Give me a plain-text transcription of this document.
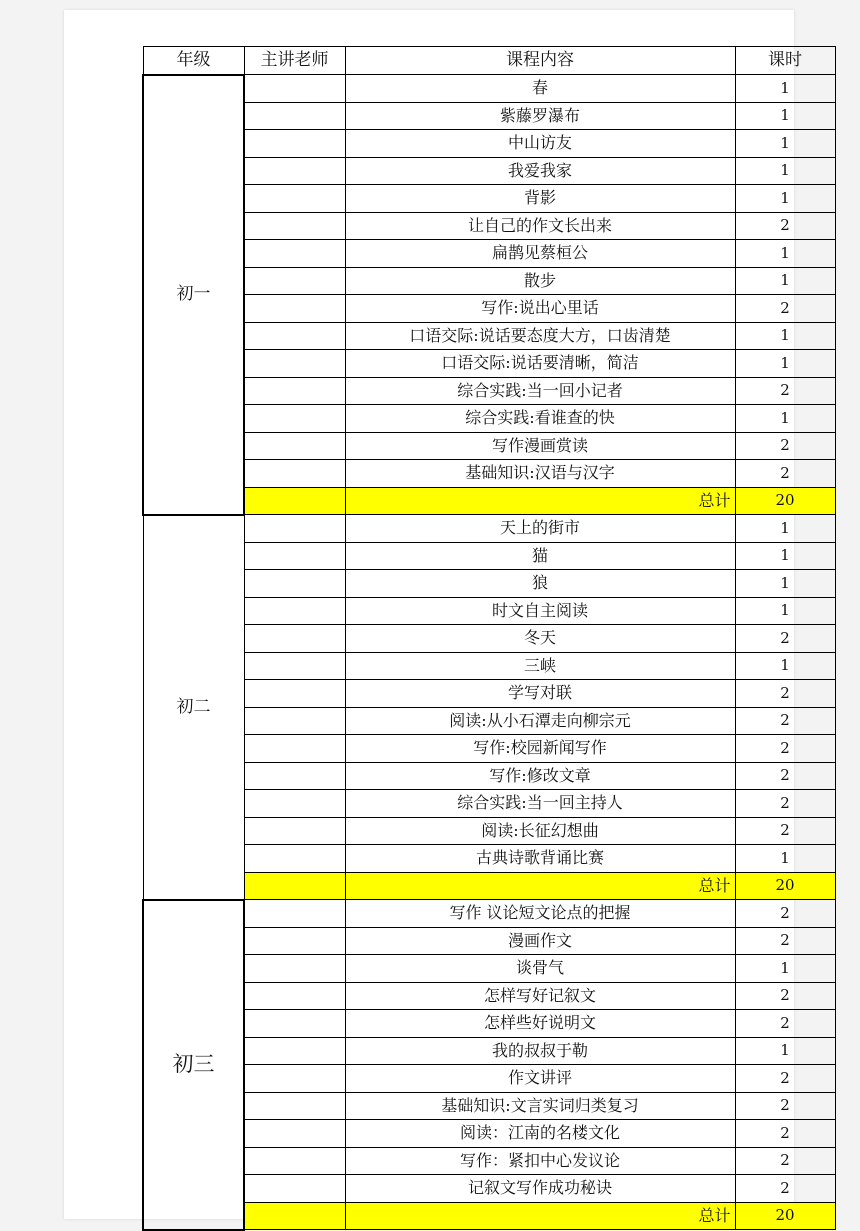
年级	主讲老师	课程内容	课时
初一		春	1
		紫藤罗瀑布	1
		中山访友	1
		我爱我家	1
		背影	1
		让自己的作文长出来	2
		扁鹊见蔡桓公	1
		散步	1
		写作:说出心里话	2
		口语交际:说话要态度大方，口齿清楚	1
		口语交际:说话要清晰，简洁	1
		综合实践:当一回小记者	2
		综合实践:看谁查的快	1
		写作漫画赏读	2
		基础知识:汉语与汉字	2
		总计	20
初二		天上的街市	1
		猫	1
		狼	1
		时文自主阅读	1
		冬天	2
		三峡	1
		学写对联	2
		阅读:从小石潭走向柳宗元	2
		写作:校园新闻写作	2
		写作:修改文章	2
		综合实践:当一回主持人	2
		阅读:长征幻想曲	2
		古典诗歌背诵比赛	1
		总计	20
初三		写作 议论短文论点的把握	2
		漫画作文	2
		谈骨气	1
		怎样写好记叙文	2
		怎样些好说明文	2
		我的叔叔于勒	1
		作文讲评	2
		基础知识:文言实词归类复习	2
		阅读：江南的名楼文化	2
		写作：紧扣中心发议论	2
		记叙文写作成功秘诀	2
		总计	20
